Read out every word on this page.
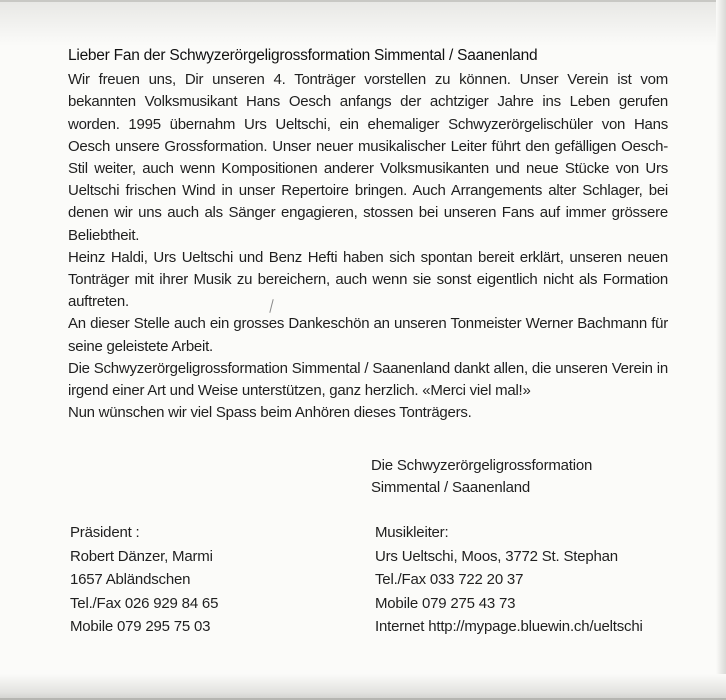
Lieber Fan der Schwyzerörgeligrossformation Simmental / Saanenland

Wir freuen uns, Dir unseren 4. Tonträger vorstellen zu können. Unser Verein ist vom bekannten Volksmusikant Hans Oesch anfangs der achtziger Jahre ins Leben gerufen worden. 1995 übernahm Urs Ueltschi, ein ehemaliger Schwyzerörgelischüler von Hans Oesch unsere Grossformation. Unser neuer musikalischer Leiter führt den gefälligen Oesch-Stil weiter, auch wenn Kompositionen anderer Volksmusikanten und neue Stücke von Urs Ueltschi frischen Wind in unser Repertoire bringen. Auch Arrangements alter Schlager, bei denen wir uns auch als Sänger engagieren, stossen bei unseren Fans auf immer grössere Beliebtheit.

Heinz Haldi, Urs Ueltschi und Benz Hefti haben sich spontan bereit erklärt, unseren neuen Tonträger mit ihrer Musik zu bereichern, auch wenn sie sonst eigentlich nicht als Formation auftreten.

An dieser Stelle auch ein grosses Dankeschön an unseren Tonmeister Werner Bachmann für seine geleistete Arbeit.

Die Schwyzerörgeligrossformation Simmental / Saanenland dankt allen, die unseren Verein in irgend einer Art und Weise unterstützen, ganz herzlich. «Merci viel mal!»

Nun wünschen wir viel Spass beim Anhören dieses Tonträgers.

Die Schwyzerörgeligrossformation
Simmental / Saanenland
Präsident :
Robert Dänzer, Marmi
1657 Abländschen
Tel./Fax 026 929 84 65
Mobile 079 295 75 03
Musikleiter:
Urs Ueltschi, Moos, 3772 St. Stephan
Tel./Fax 033 722 20 37
Mobile 079 275 43 73
Internet http://mypage.bluewin.ch/ueltschi
